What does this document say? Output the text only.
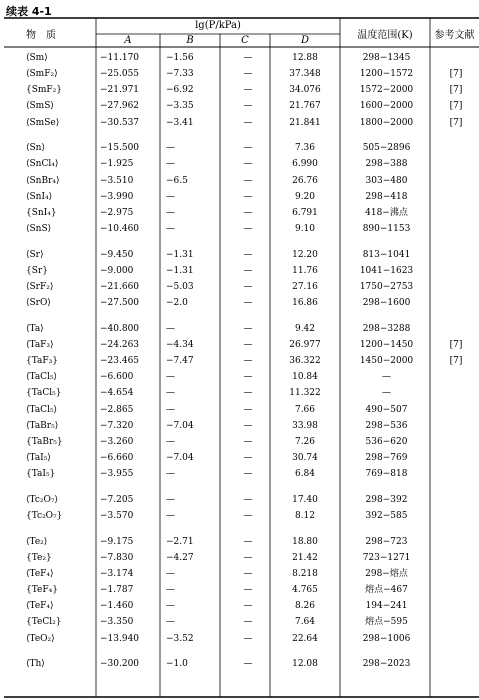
续表 4-1
物　质
lg(P/kPa)
A	B	C	D	温度范围(K)	参考文献
⟨Sm⟩	−11.170	−1.56	—	12.88	298−1345
⟨SmF₂⟩	−25.055	−7.33	—	37.348	1200−1572	[7]
{SmF₂}	−21.971	−6.92	—	34.076	1572−2000	[7]
⟨SmS⟩	−27.962	−3.35	—	21.767	1600−2000	[7]
⟨SmSe⟩	−30.537	−3.41	—	21.841	1800−2000	[7]
⟨Sn⟩	−15.500	—	—	7.36	505−2896
⟨SnCl₄⟩	−1.925	—	—	6.990	298−388
⟨SnBr₄⟩	−3.510	−6.5	—	26.76	303−480
⟨SnI₄⟩	−3.990	—	—	9.20	298−418
{SnI₄}	−2.975	—	—	6.791	418−沸点
⟨SnS⟩	−10.460	—	—	9.10	890−1153
⟨Sr⟩	−9.450	−1.31	—	12.20	813−1041
{Sr}	−9.000	−1.31	—	11.76	1041−1623
⟨SrF₂⟩	−21.660	−5.03	—	27.16	1750−2753
⟨SrO⟩	−27.500	−2.0	—	16.86	298−1600
⟨Ta⟩	−40.800	—	—	9.42	298−3288
⟨TaF₃⟩	−24.263	−4.34	—	26.977	1200−1450	[7]
{TaF₃}	−23.465	−7.47	—	36.322	1450−2000	[7]
⟨TaCl₅⟩	−6.600	—	—	10.84	—
{TaCl₅}	−4.654	—	—	11.322	—
⟨TaCl₅⟩	−2.865	—	—	7.66	490−507
⟨TaBr₅⟩	−7.320	−7.04	—	33.98	298−536
{TaBr₅}	−3.260	—	—	7.26	536−620
⟨TaI₅⟩	−6.660	−7.04	—	30.74	298−769
{TaI₅}	−3.955	—	—	6.84	769−818
⟨Tc₂O₇⟩	−7.205	—	—	17.40	298−392
{Tc₂O₇}	−3.570	—	—	8.12	392−585
⟨Te₂⟩	−9.175	−2.71	—	18.80	298−723
{Te₂}	−7.830	−4.27	—	21.42	723−1271
⟨TeF₄⟩	−3.174	—	—	8.218	298−熔点
{TeF₄}	−1.787	—	—	4.765	熔点−467
⟨TeF₄⟩	−1.460	—	—	8.26	194−241
{TeCl₂}	−3.350	—	—	7.64	熔点−595
⟨TeO₂⟩	−13.940	−3.52	—	22.64	298−1006
⟨Th⟩	−30.200	−1.0	—	12.08	298−2023
